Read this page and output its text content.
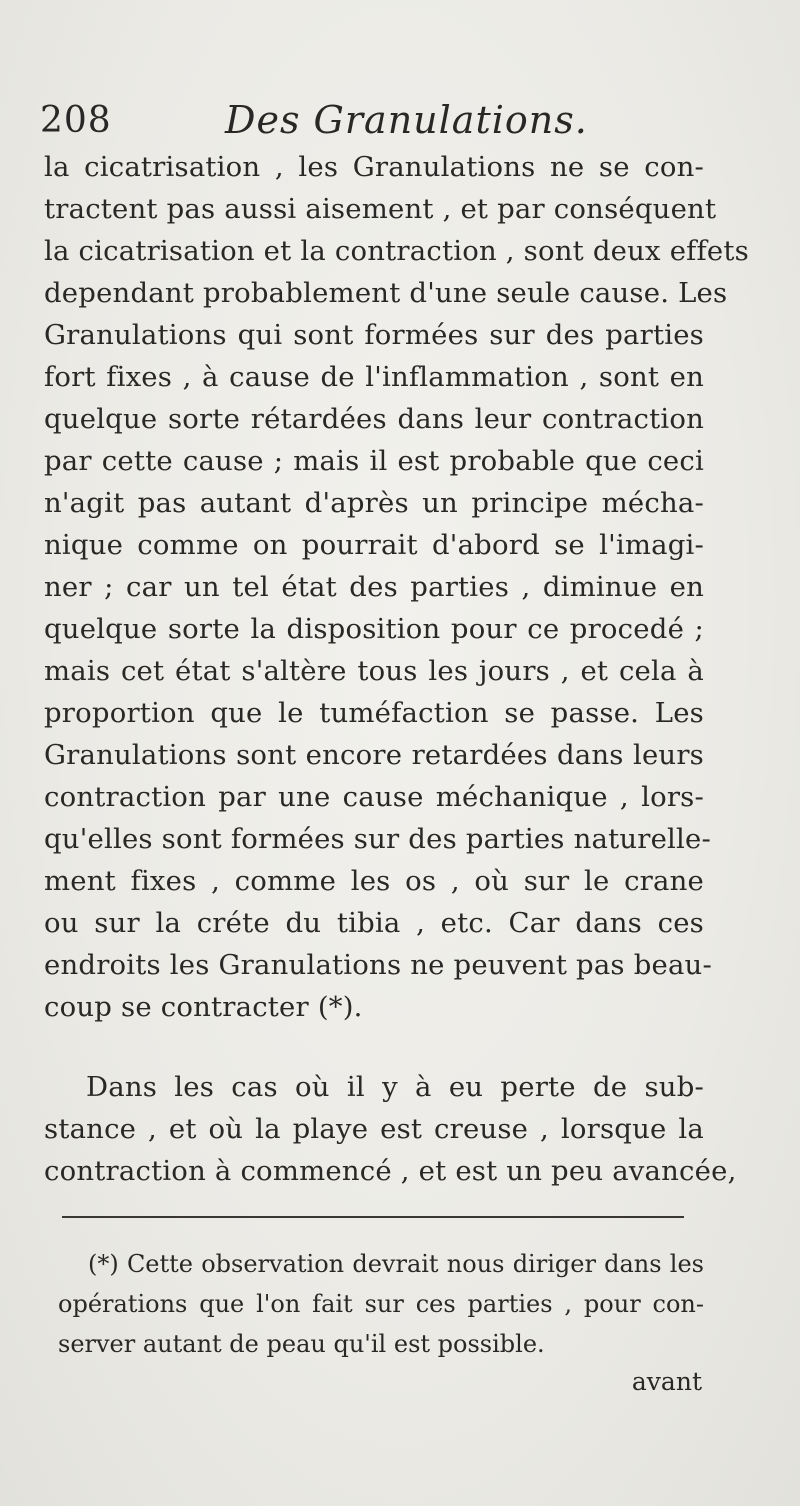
208	Des Granulations.
la cicatrisation , les Granulations ne se con-
tractent pas aussi aisement , et par conséquent
la cicatrisation et la contraction , sont deux effets
dependant probablement d'une seule cause. Les
Granulations qui sont formées sur des parties
fort fixes , à cause de l'inflammation , sont en
quelque sorte rétardées dans leur contraction
par cette cause ; mais il est probable que ceci
n'agit pas autant d'après un principe mécha-
nique comme on pourrait d'abord se l'imagi-
ner ; car un tel état des parties , diminue en
quelque sorte la disposition pour ce procedé ;
mais cet état s'altère tous les jours , et cela à
proportion que le tuméfaction se passe. Les
Granulations sont encore retardées dans leurs
contraction par une cause méchanique , lors-
qu'elles sont formées sur des parties naturelle-
ment fixes , comme les os , où sur le crane
ou sur la créte du tibia , etc. Car dans ces
endroits les Granulations ne peuvent pas beau-
coup se contracter (*).
Dans les cas où il y à eu perte de sub-
stance , et où la playe est creuse , lorsque la
contraction à commencé , et est un peu avancée,
(*) Cette observation devrait nous diriger dans les
opérations que l'on fait sur ces parties , pour con-
server autant de peau qu'il est possible.
avant
